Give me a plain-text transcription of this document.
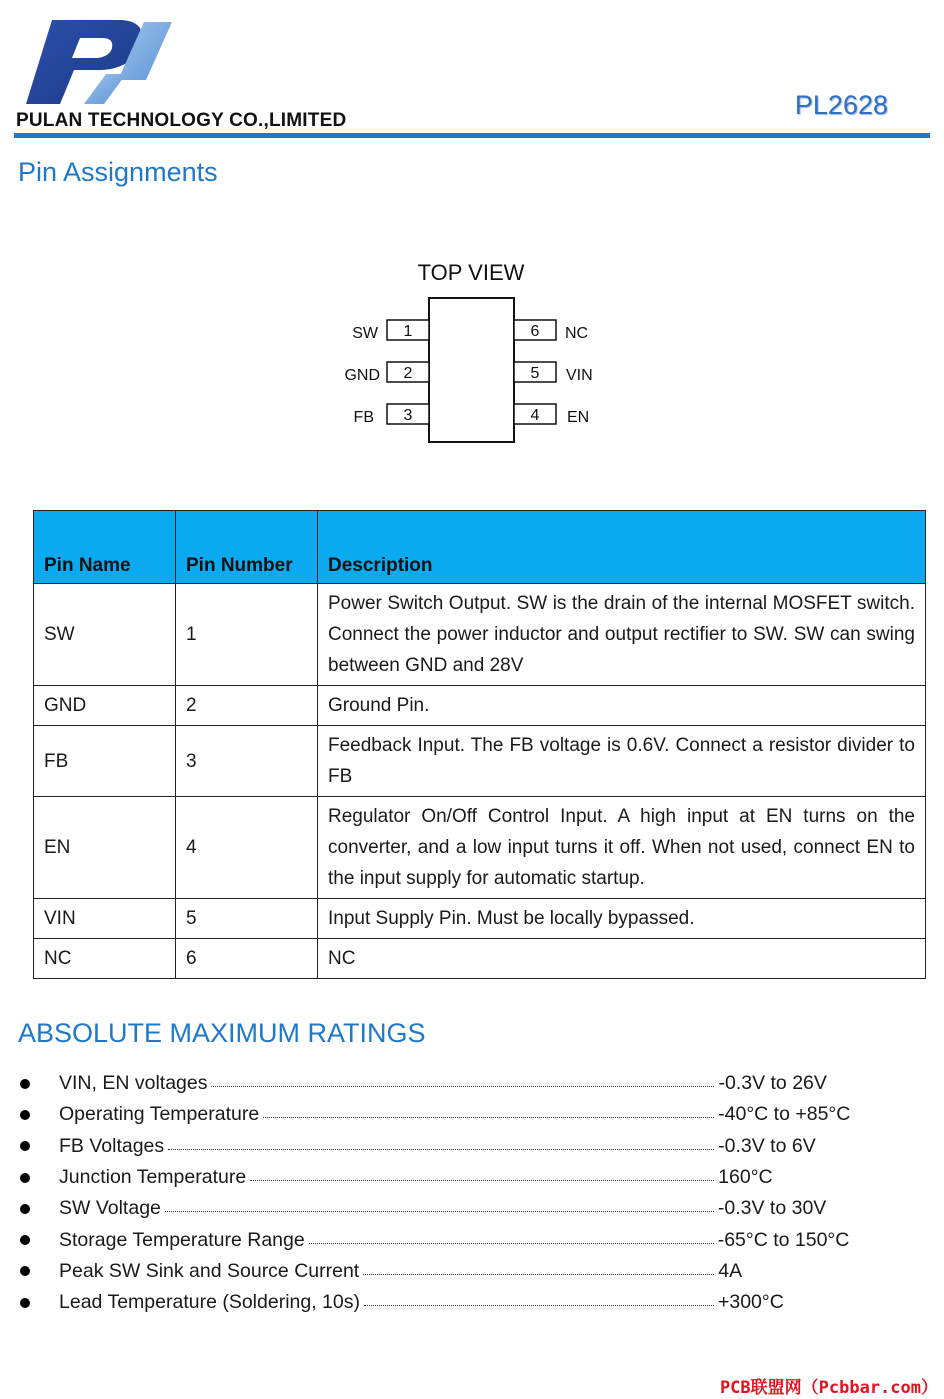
PULAN TECHNOLOGY CO.,LIMITED
PL2628
Pin Assignments
TOP VIEW
1
2
3
6
5
4
SW
GND
FB
NC
VIN
EN
Pin Name	Pin Number	Description
SW	1	Power Switch Output. SW is the drain of the internal MOSFET switch. Connect the power inductor and output rectifier to SW. SW can swing between GND and 28V
GND	2	Ground Pin.
FB	3	Feedback Input. The FB voltage is 0.6V. Connect a resistor divider to FB
EN	4	Regulator On/Off Control Input. A high input at EN turns on the converter, and a low input turns it off. When not used, connect EN to the input supply for automatic startup.
VIN	5	Input Supply Pin. Must be locally bypassed.
NC	6	NC
ABSOLUTE MAXIMUM RATINGS
VIN, EN voltages	-0.3V to 26V
Operating Temperature	-40°C to +85°C
FB Voltages	-0.3V to 6V
Junction Temperature	160°C
SW Voltage	-0.3V to 30V
Storage Temperature Range	-65°C to 150°C
Peak SW Sink and Source Current	4A
Lead Temperature (Soldering, 10s)	+300°C
PCB联盟网（Pcbbar.com）
